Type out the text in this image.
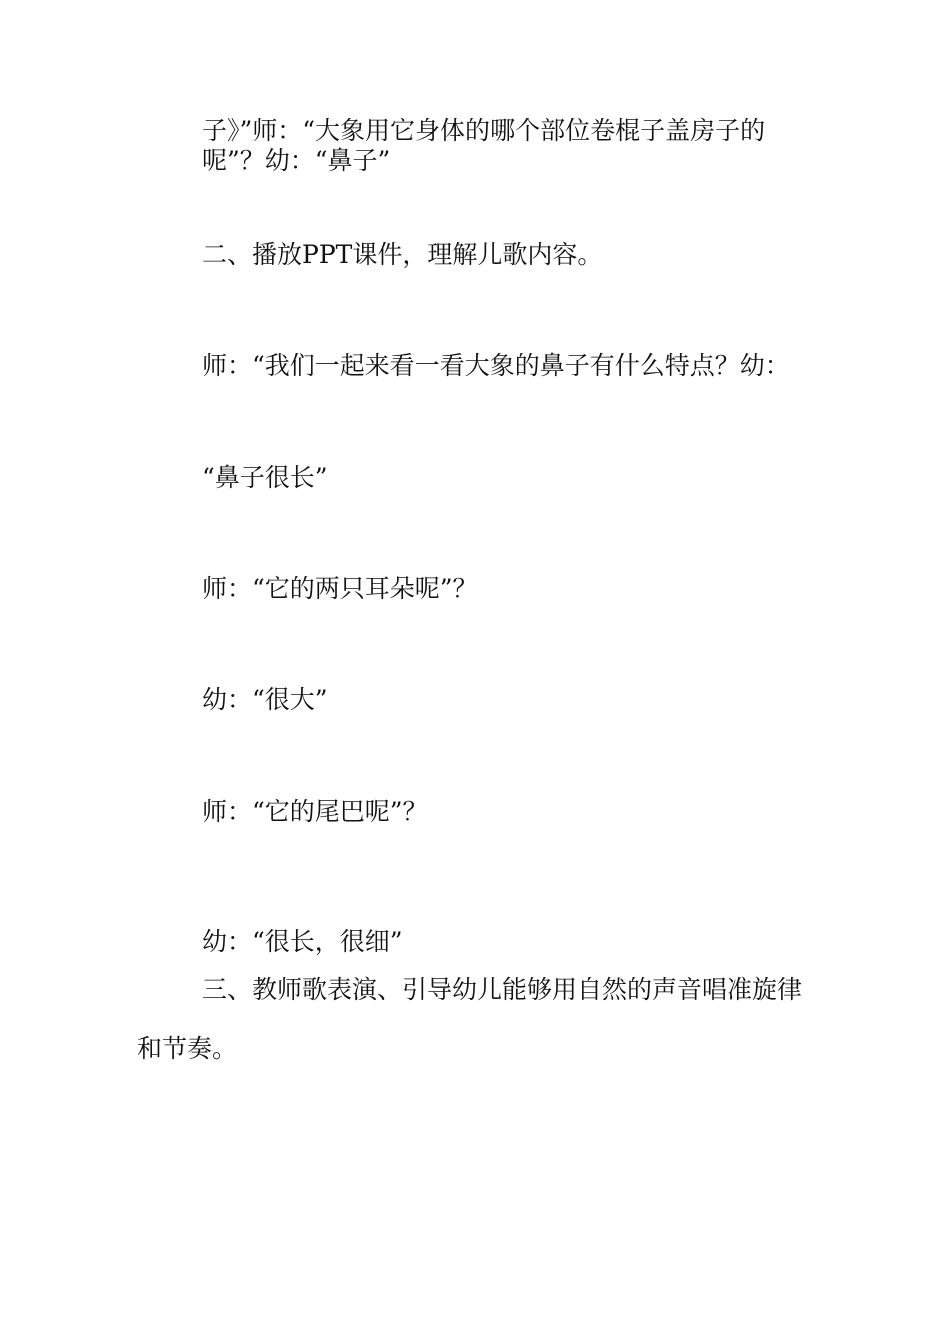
子》”师：“大象用它身体的哪个部位卷棍子盖房子的
呢”？幼：“鼻子”
二、播放PPT课件，理解儿歌内容。
师：“我们一起来看一看大象的鼻子有什么特点？幼：
“鼻子很长”
师：“它的两只耳朵呢”？
幼：“很大”
师：“它的尾巴呢”？
幼：“很长，很细”
三、教师歌表演、引导幼儿能够用自然的声音唱准旋律
和节奏。
